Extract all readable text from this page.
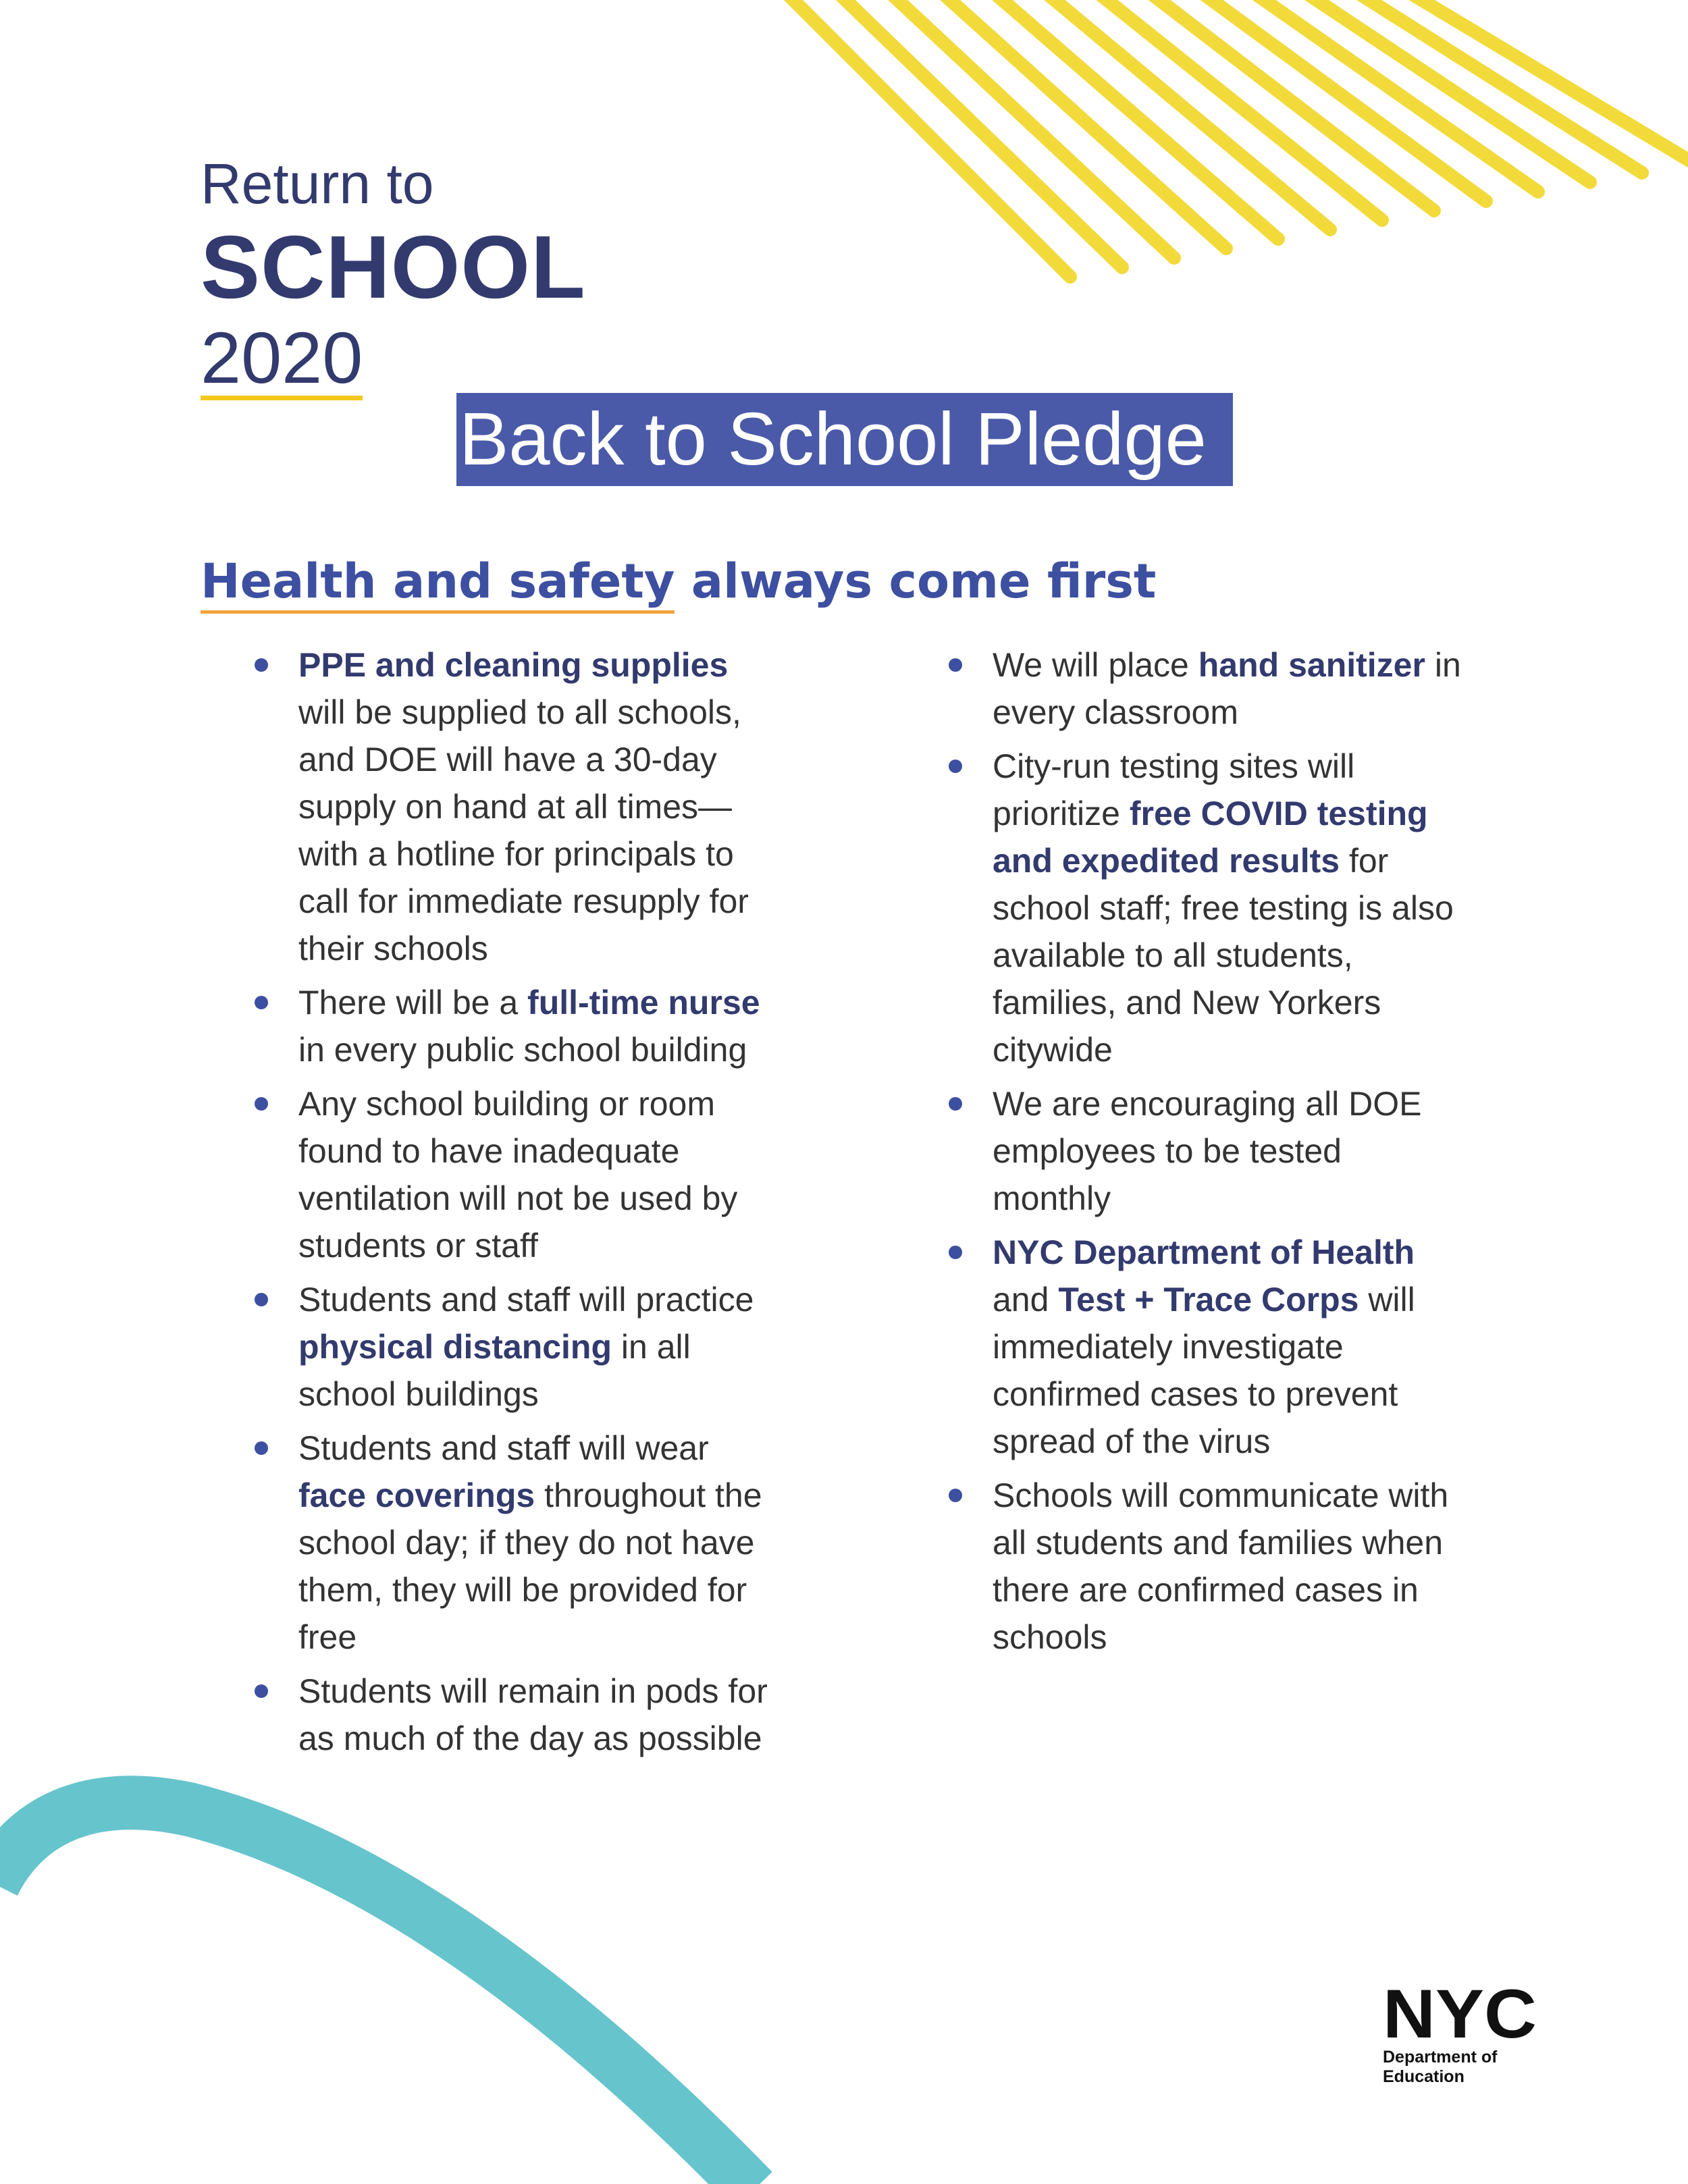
Return to
SCHOOL
2020
Back to School Pledge
Health and safety always come first
PPE and cleaning supplies will be supplied to all schools, and DOE will have a 30-day supply on hand at all times—with a hotline for principals to call for immediate resupply for their schools
There will be a full-time nurse in every public school building
Any school building or room found to have inadequate ventilation will not be used by students or staff
Students and staff will practice physical distancing in all school buildings
Students and staff will wear face coverings throughout the school day; if they do not have them, they will be provided for free
Students will remain in pods for as much of the day as possible
We will place hand sanitizer in every classroom
City-run testing sites will prioritize free COVID testing and expedited results for school staff; free testing is also available to all students, families, and New Yorkers citywide
We are encouraging all DOE employees to be tested monthly
NYC Department of Health and Test + Trace Corps will immediately investigate confirmed cases to prevent spread of the virus
Schools will communicate with all students and families when there are confirmed cases in schools
NYC
Department of
Education
